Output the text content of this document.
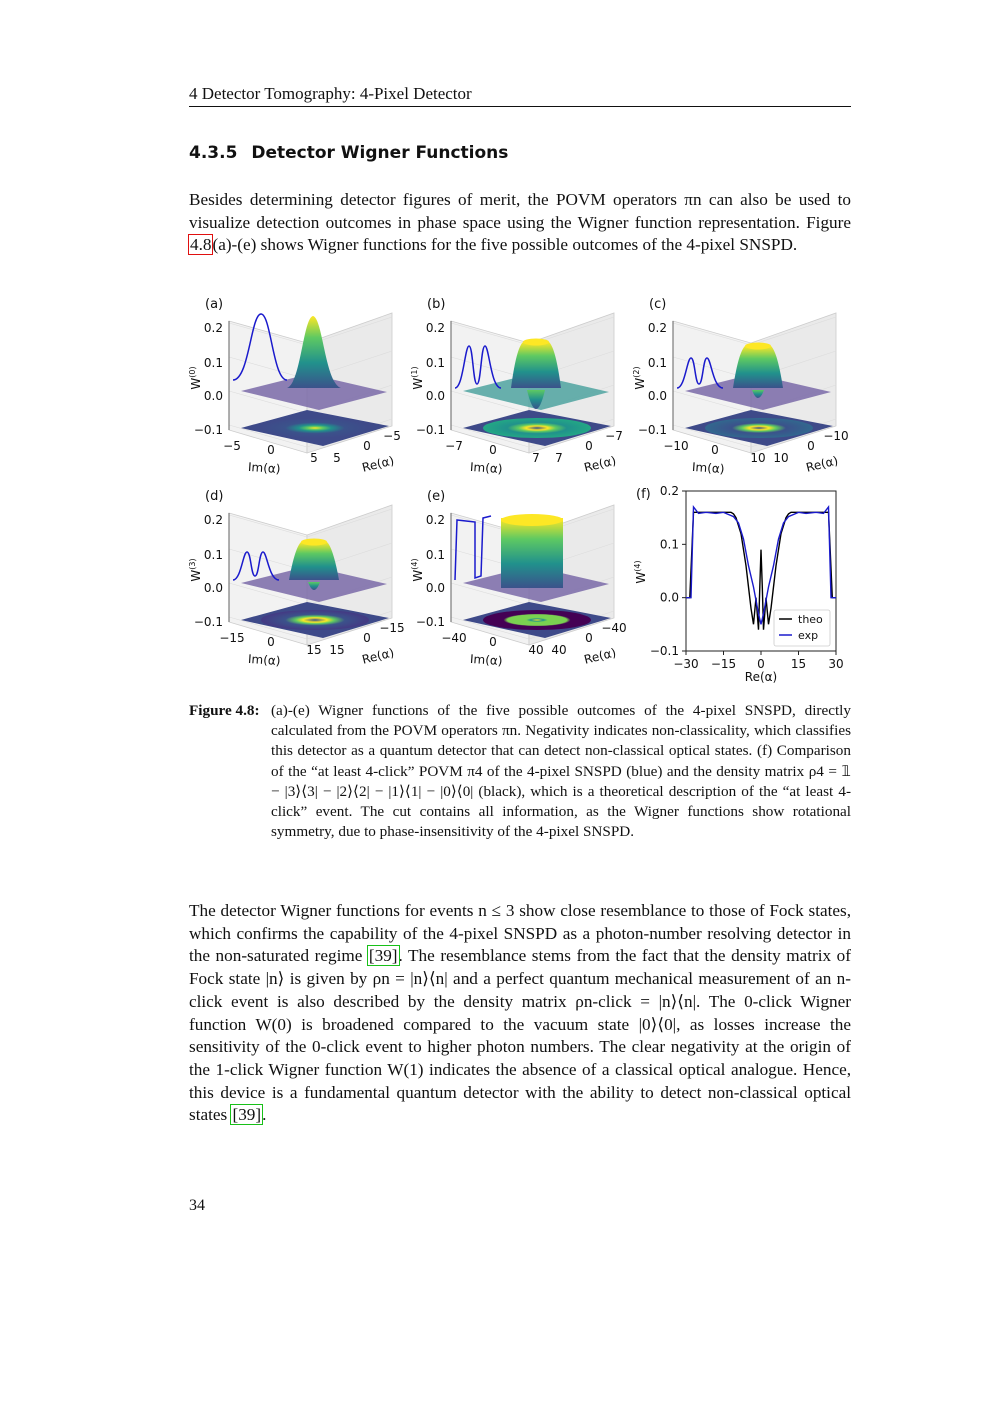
4 Detector Tomography: 4-Pixel Detector
4.3.5 Detector Wigner Functions

Besides determining detector figures of merit, the POVM operators πn can also be used to visualize detection outcomes in phase space using the Wigner function representation. Figure 4.8(a)-(e) shows Wigner functions for the five possible outcomes of the 4-pixel SNSPD.

(a)
0.2
0.1
0.0
−0.1
$W^{(0)}$
−5 0
5
Im(α)
5
0
−5
Re(α)
(b)
0.2
0.1
0.0
−0.1
$W^{(1)}$
−7 0
7
Im(α)
7
0
−7
Re(α)
(c)
0.2
0.1
0.0
−0.1
$W^{(2)}$
−10 0
10
Im(α)
10
0
−10
Re(α)
(d)
0.2
0.1
0.0
−0.1
$W^{(3)}$
−15 0
15
Im(α)
15
0
−15
Re(α)
(e)
0.2
0.1
0.0
−0.1
$W^{(4)}$
−40 0
40
Im(α)
40
0
−40
Re(α)
(f) 0.2
0.1
0.0
−0.1
−30 −15 0 15 30
$W^{(4)}$
Re(α)
theo
exp
Figure 4.8: (a)-(e) Wigner functions of the five possible outcomes of the 4-pixel SNSPD, directly calculated from the POVM operators πn. Negativity indicates non-classicality, which classifies this detector as a quantum detector that can detect non-classical optical states. (f) Comparison of the “at least 4-click” POVM π4 of the 4-pixel SNSPD (blue) and the density matrix ρ4 = 𝟙 − |3⟩⟨3| − |2⟩⟨2| − |1⟩⟨1| − |0⟩⟨0| (black), which is a theoretical description of the “at least 4-click” event. The cut contains all information, as the Wigner functions show rotational symmetry, due to phase-insensitivity of the 4-pixel SNSPD.

The detector Wigner functions for events n ≤ 3 show close resemblance to those of Fock states, which confirms the capability of the 4-pixel SNSPD as a photon-number resolving detector in the non-saturated regime [39]. The resemblance stems from the fact that the density matrix of Fock state |n⟩ is given by ρn = |n⟩⟨n| and a perfect quantum mechanical measurement of an n-click event is also described by the density matrix ρn-click = |n⟩⟨n|. The 0-click Wigner function W(0) is broadened compared to the vacuum state |0⟩⟨0|, as losses increase the sensitivity of the 0-click event to higher photon numbers. The clear negativity at the origin of the 1-click Wigner function W(1) indicates the absence of a classical optical analogue. Hence, this device is a fundamental quantum detector with the ability to detect non-classical optical states [39].

34
